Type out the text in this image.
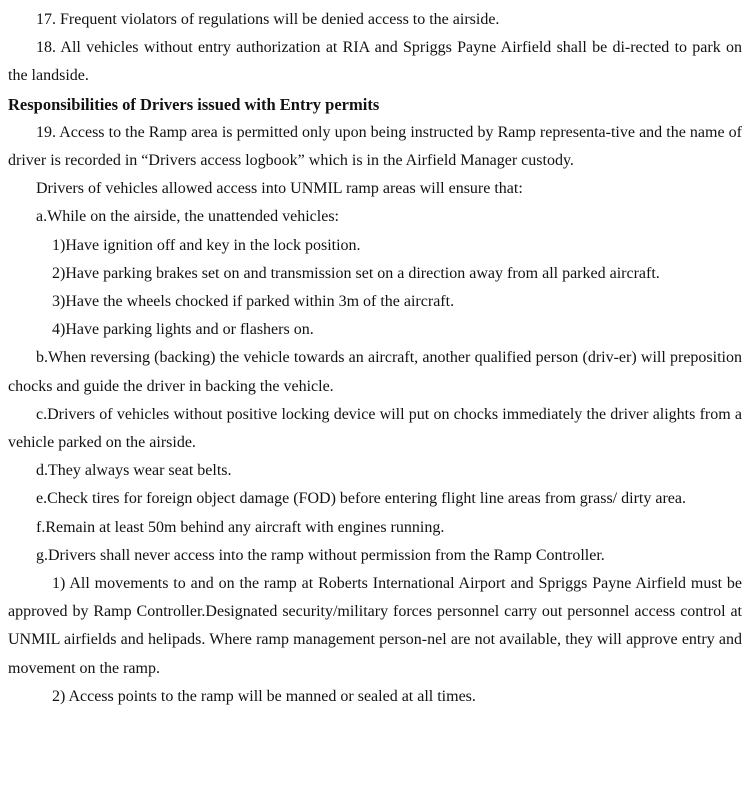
17. Frequent violators of regulations will be denied access to the airside.

18. All vehicles without entry authorization at RIA and Spriggs Payne Airfield shall be di-rected to park on the landside.

Responsibilities of Drivers issued with Entry permits

19. Access to the Ramp area is permitted only upon being instructed by Ramp representa-tive and the name of driver is recorded in “Drivers access logbook” which is in the Airfield Manager custody.

Drivers of vehicles allowed access into UNMIL ramp areas will ensure that:

a.While on the airside, the unattended vehicles:

1)Have ignition off and key in the lock position.

2)Have parking brakes set on and transmission set on a direction away from all parked aircraft.

3)Have the wheels chocked if parked within 3m of the aircraft.

4)Have parking lights and or flashers on.

b.When reversing (backing) the vehicle towards an aircraft, another qualified person (driv-er) will preposition chocks and guide the driver in backing the vehicle.

c.Drivers of vehicles without positive locking device will put on chocks immediately the driver alights from a vehicle parked on the airside.

d.They always wear seat belts.

e.Check tires for foreign object damage (FOD) before entering flight line areas from grass/ dirty area.

f.Remain at least 50m behind any aircraft with engines running.

g.Drivers shall never access into the ramp without permission from the Ramp Controller.

1) All movements to and on the ramp at Roberts International Airport and Spriggs Payne Airfield must be approved by Ramp Controller.Designated security/military forces personnel carry out personnel access control at UNMIL airfields and helipads. Where ramp management person-nel are not available, they will approve entry and movement on the ramp.

2) Access points to the ramp will be manned or sealed at all times.
